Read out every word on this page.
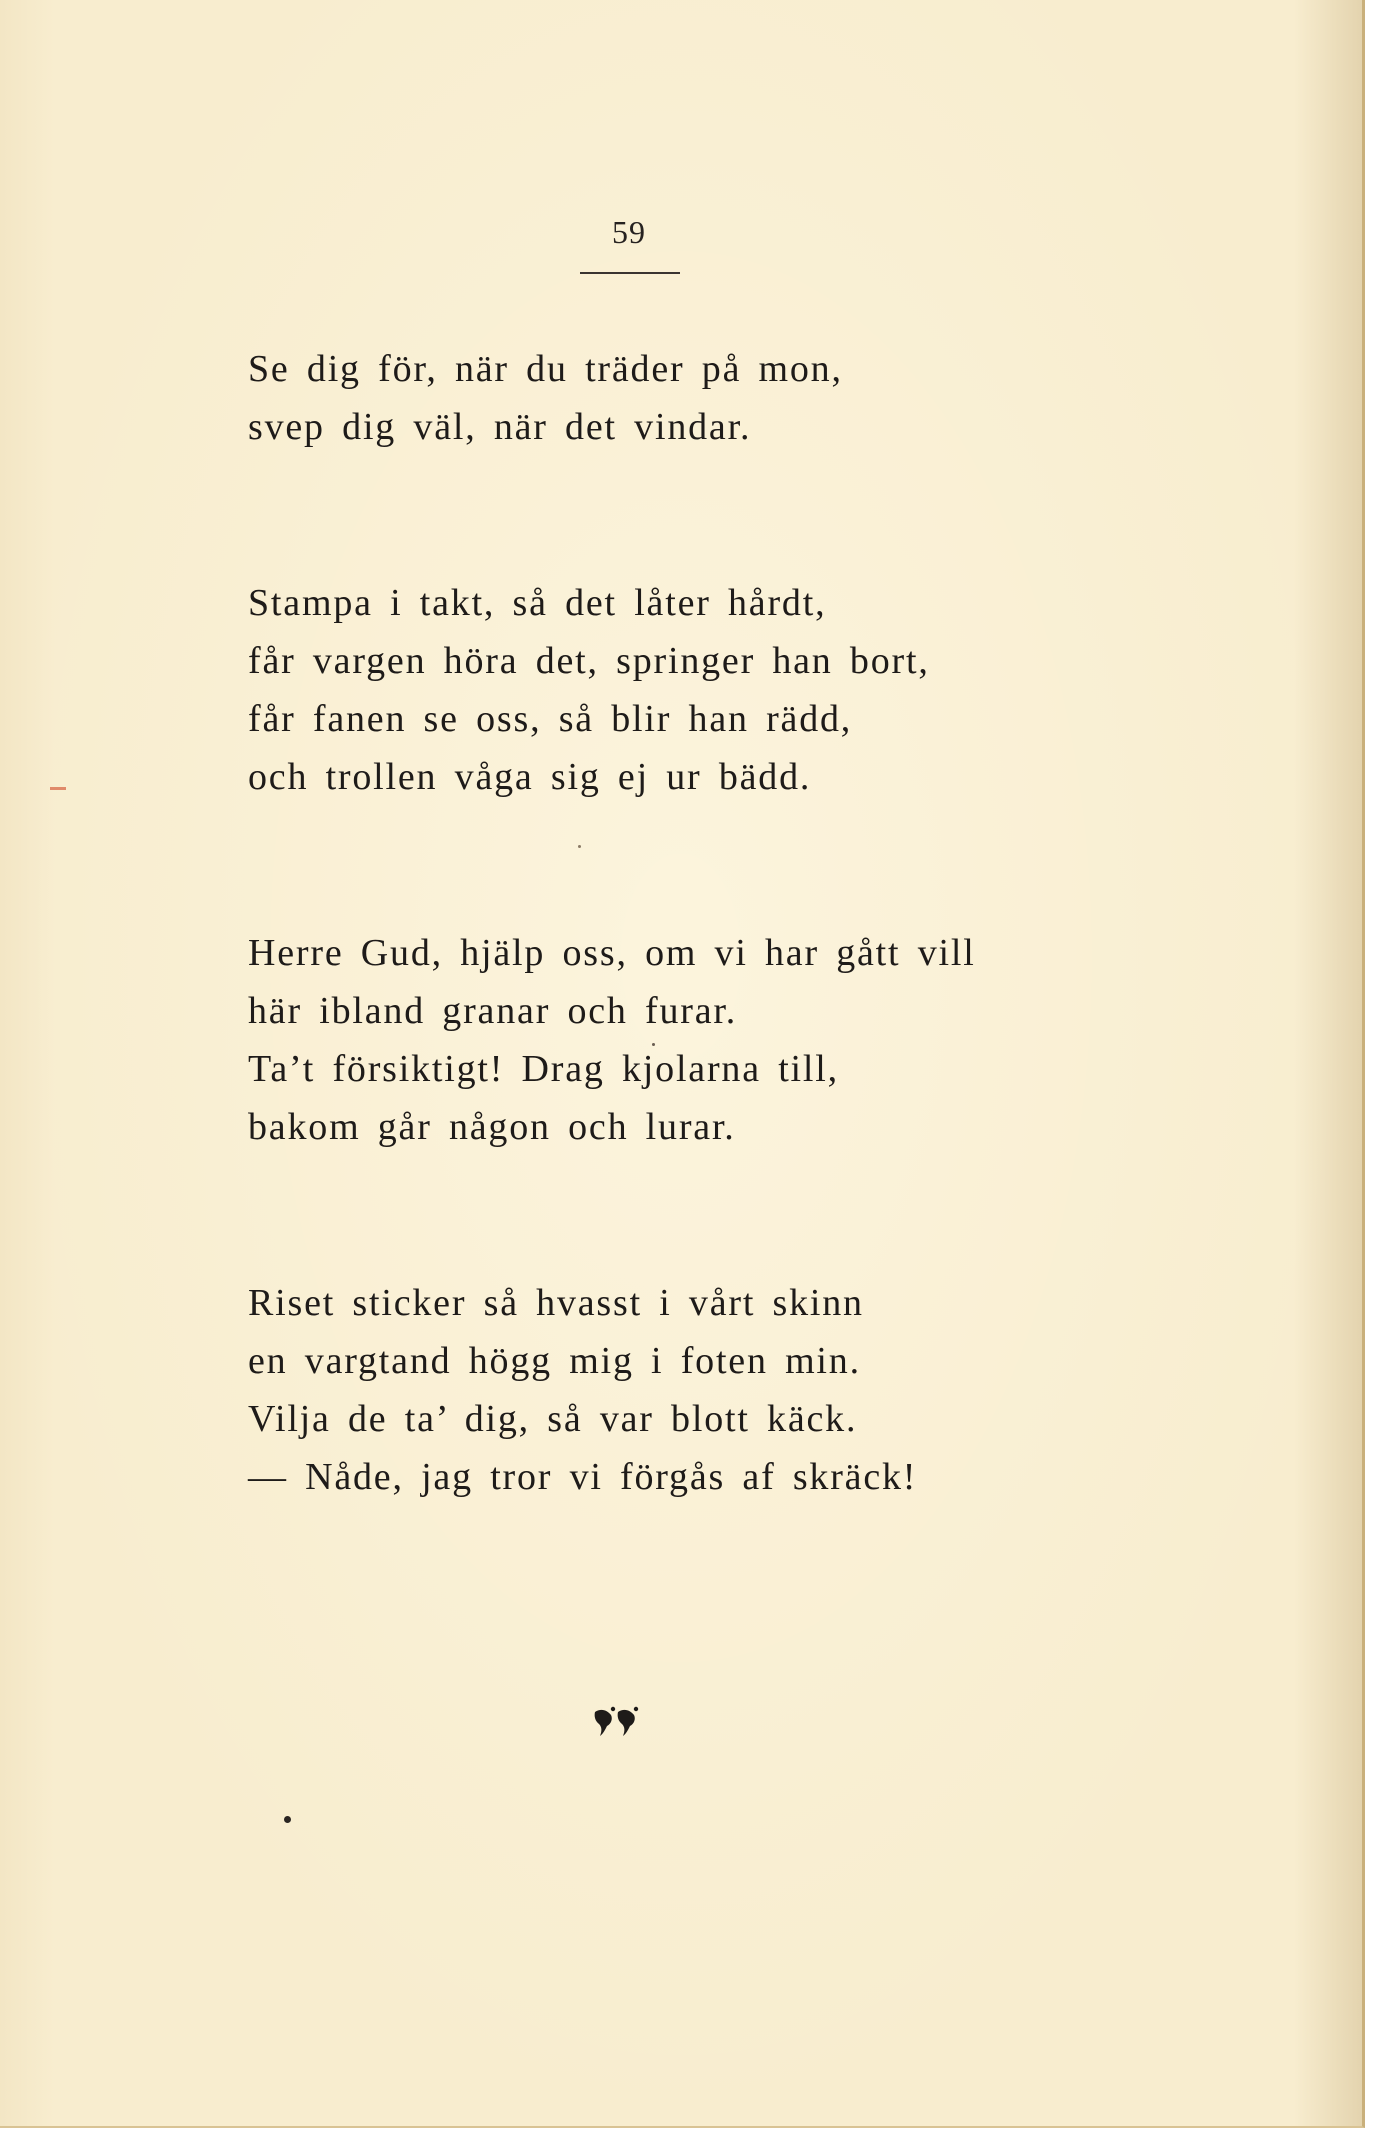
59
Se dig för, när du träder på mon,
svep dig väl, när det vindar.
Stampa i takt, så det låter hårdt,
får vargen höra det, springer han bort,
får fanen se oss, så blir han rädd,
och trollen våga sig ej ur bädd.
Herre Gud, hjälp oss, om vi har gått vill
här ibland granar och furar.
Ta’t försiktigt! Drag kjolarna till,
bakom går någon och lurar.
Riset sticker så hvasst i vårt skinn
en vargtand högg mig i foten min.
Vilja de ta’ dig, så var blott käck.
— Nåde, jag tror vi förgås af skräck!
